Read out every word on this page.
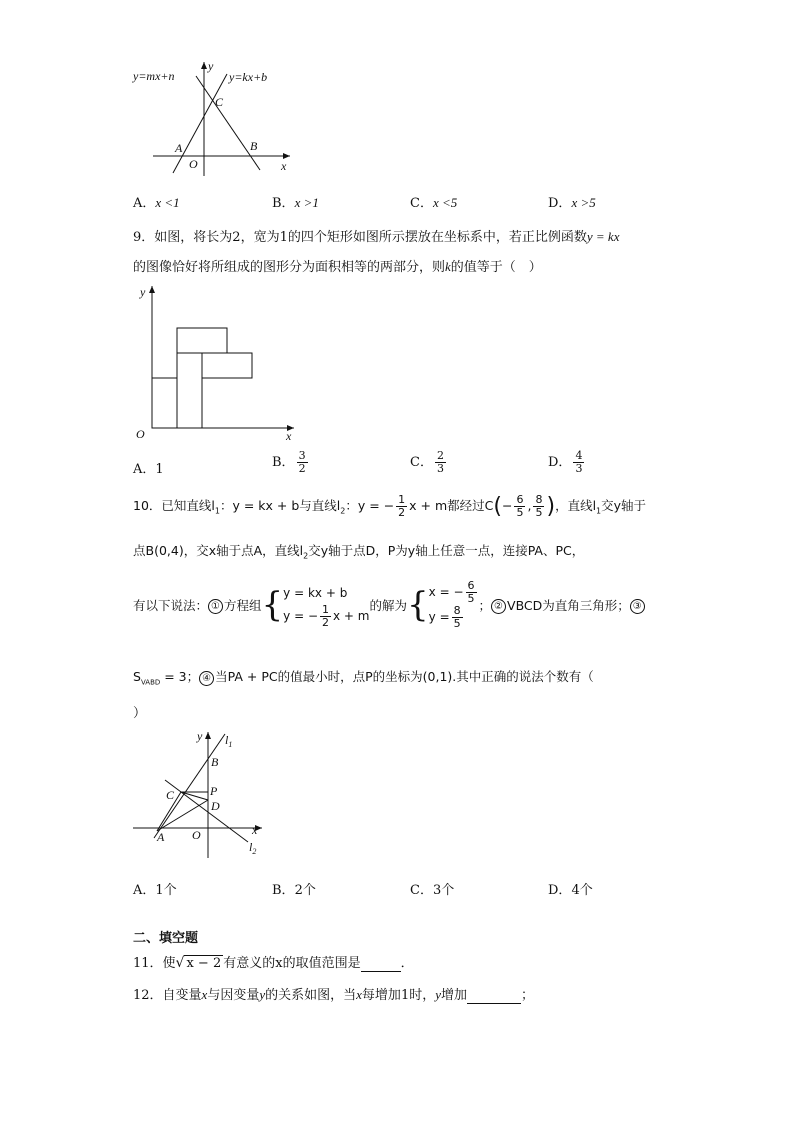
y=mx+n	y=kx+b
y
C
A
O
B
x
A．x <1	B．x >1	C．x <5	D．x >5
9．如图，将长为2，宽为1的四个矩形如图所示摆放在坐标系中，若正比例函数y = kx
的图像恰好将所组成的图形分为面积相等的两部分，则k的值等于（　）
y
O	x
A．1	B． $\frac{3}{2}$	C． $\frac{2}{3}$	D． $\frac{4}{3}$
10．已知直线$l_1$：y = kx + b与直线$l_2$：y = − $\frac{1}{2}$ x + m都经过$C(- \frac{6}{5}$ , $\frac{8}{5}$ )，直线$l_1$交y轴于
点B(0,4)，交x轴于点A，直线$l_2$交y轴于点D，P为y轴上任意一点，连接PA、PC，
有以下说法： ① 方程组{ y = kx + b
y = − $\frac{1}{2}$ x + m
的解为{ x = − $\frac{6}{5}$
$y = \frac{8}{5}$ ； ② VBCD为直角三角形； ③
$S_{VABD} = 3$； ④ 当PA + PC的值最小时，点P的坐标为(0,1).其中正确的说法个数有（
）
y $l_1$
B
P
C
D
x
A O
$l_2$
A．1个	B．2个	C．3个	D．4个
二、填空题
11．使√ x − 2 有意义的x的取值范围是	．
12．自变量x与因变量y的关系如图，当x每增加1时，y增加	；
